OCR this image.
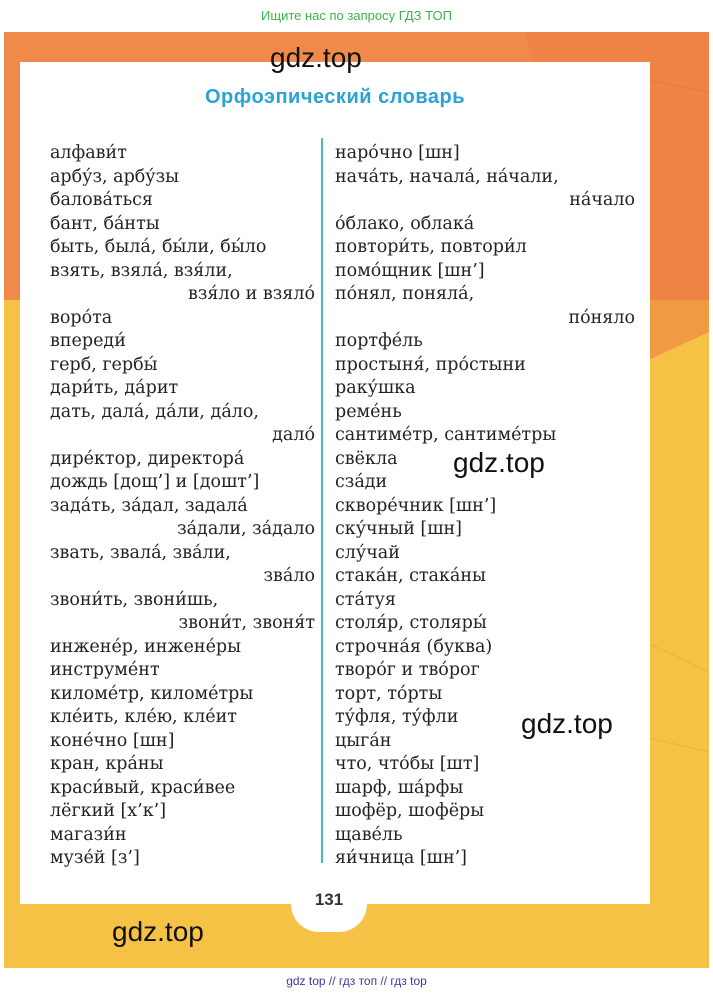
Ищите нас по запросу ГДЗ ТОП
Орфоэпический словарь
алфави́т
арбу́з, арбу́зы
балова́ться
бант, ба́нты
быть, была́, бы́ли, бы́ло
взять, взяла́, взя́ли,
взя́ло и взяло́
воро́та
впереди́
герб, гербы́
дари́ть, да́рит
дать, дала́, да́ли, да́ло,
дало́
дире́ктор, директора́
дождь [дощ’] и [дошт’]
зада́ть, за́дал, задала́
за́дали, за́дало
звать, звала́, зва́ли,
зва́ло
звони́ть, звони́шь,
звони́т, звоня́т
инжене́р, инжене́ры
инструме́нт
киломе́тр, киломе́тры
кле́ить, кле́ю, кле́ит
коне́чно [шн]
кран, кра́ны
краси́вый, краси́вее
лёгкий [х’к’]
магази́н
музе́й [з’]
наро́чно [шн]
нача́ть, начала́, на́чали,
на́чало
о́блако, облака́
повтори́ть, повтори́л
помо́щник [шн’]
по́нял, поняла́,
по́няло
портфе́ль
простыня́, про́стыни
раку́шка
реме́нь
сантиме́тр, сантиме́тры
свёкла
сза́ди
скворе́чник [шн’]
ску́чный [шн]
слу́чай
стака́н, стака́ны
ста́туя
столя́р, столяры́
строчна́я (буква)
творо́г и тво́рог
торт, то́рты
ту́фля, ту́фли
цыга́н
что, что́бы [шт]
шарф, ша́рфы
шофёр, шофёры
щаве́ль
яи́чница [шн’]
131
gdz.top
gdz.top
gdz.top
gdz.top
gdz top // гдз топ // гдз top
